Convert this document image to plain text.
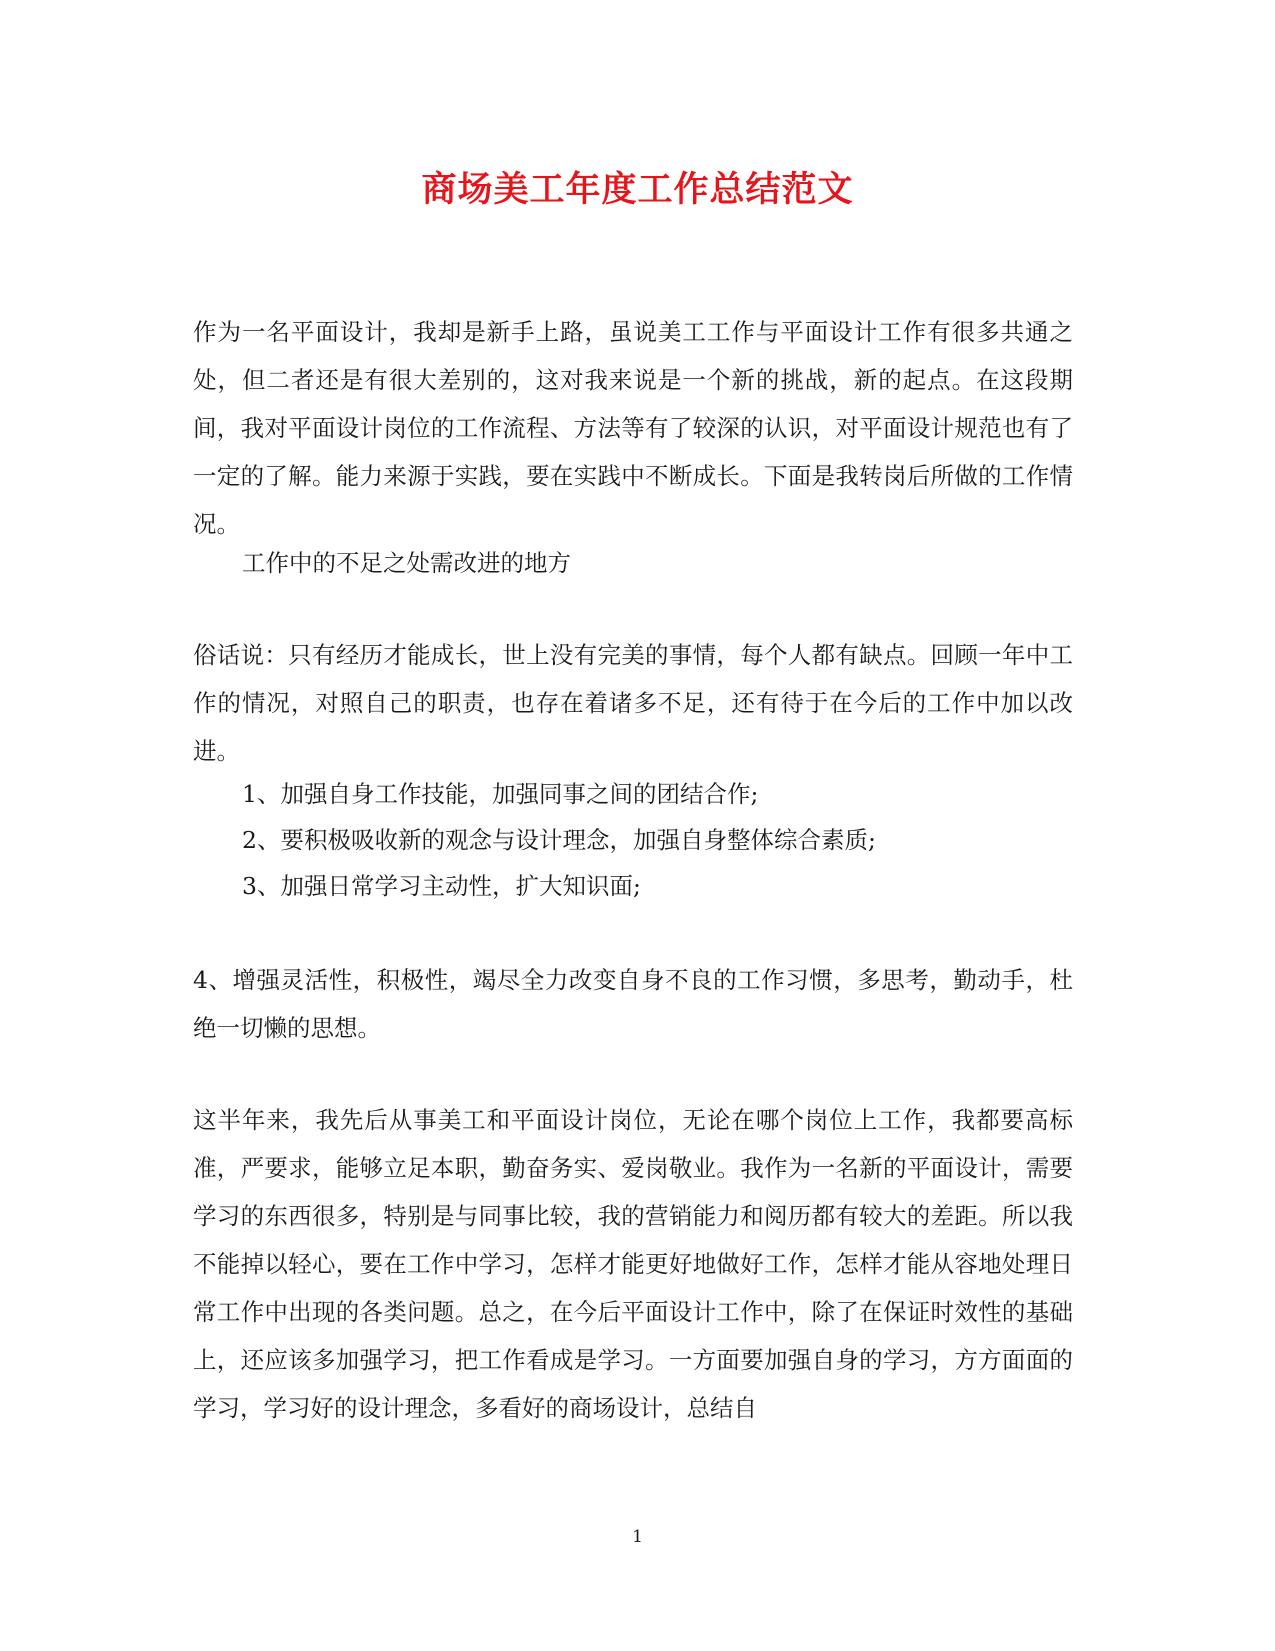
商场美工年度工作总结范文

作为一名平面设计，我却是新手上路，虽说美工工作与平面设计工作有很多共通之处，但二者还是有很大差别的，这对我来说是一个新的挑战，新的起点。在这段期间，我对平面设计岗位的工作流程、方法等有了较深的认识，对平面设计规范也有了一定的了解。能力来源于实践，要在实践中不断成长。下面是我转岗后所做的工作情况。

工作中的不足之处需改进的地方

俗话说：只有经历才能成长，世上没有完美的事情，每个人都有缺点。回顾一年中工作的情况，对照自己的职责，也存在着诸多不足，还有待于在今后的工作中加以改进。

1、加强自身工作技能，加强同事之间的团结合作;

2、要积极吸收新的观念与设计理念，加强自身整体综合素质;

3、加强日常学习主动性，扩大知识面;

4、增强灵活性，积极性，竭尽全力改变自身不良的工作习惯，多思考，勤动手，杜绝一切懒的思想。

这半年来，我先后从事美工和平面设计岗位，无论在哪个岗位上工作，我都要高标准，严要求，能够立足本职，勤奋务实、爱岗敬业。我作为一名新的平面设计，需要学习的东西很多，特别是与同事比较，我的营销能力和阅历都有较大的差距。所以我不能掉以轻心，要在工作中学习，怎样才能更好地做好工作，怎样才能从容地处理日常工作中出现的各类问题。总之，在今后平面设计工作中，除了在保证时效性的基础上，还应该多加强学习，把工作看成是学习。一方面要加强自身的学习，方方面面的学习，学习好的设计理念，多看好的商场设计，总结自

1
